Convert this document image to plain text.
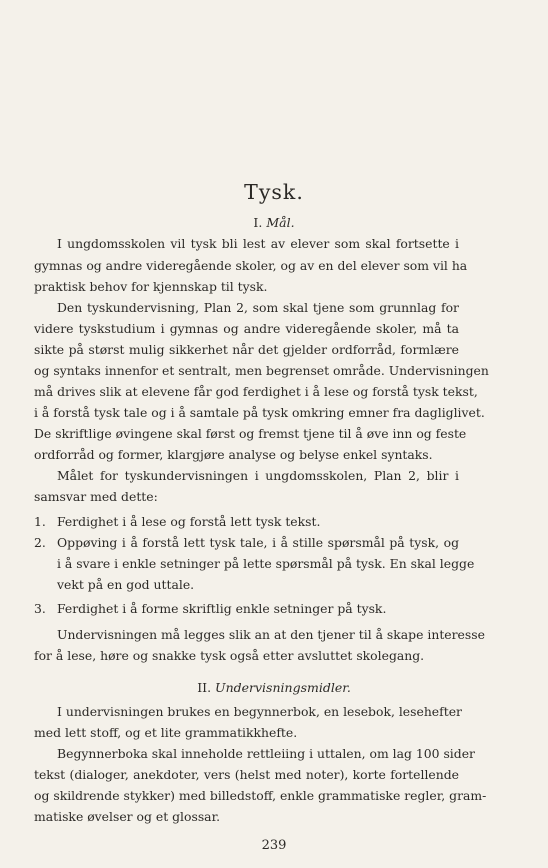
Tysk.
I. Mål.
I ungdomsskolen vil tysk bli lest av elever som skal fortsette i
gymnas og andre videregående skoler, og av en del elever som vil ha
praktisk behov for kjennskap til tysk.
Den tyskundervisning, Plan 2, som skal tjene som grunnlag for
videre tyskstudium i gymnas og andre videregående skoler, må ta
sikte på størst mulig sikkerhet når det gjelder ordforråd, formlære
og syntaks innenfor et sentralt, men begrenset område. Undervisningen
må drives slik at elevene får god ferdighet i å lese og forstå tysk tekst,
i å forstå tysk tale og i å samtale på tysk omkring emner fra dagliglivet.
De skriftlige øvingene skal først og fremst tjene til å øve inn og feste
ordforråd og former, klargjøre analyse og belyse enkel syntaks.
Målet for tyskundervisningen i ungdomsskolen, Plan 2, blir i
samsvar med dette:
1. Ferdighet i å lese og forstå lett tysk tekst.
2. Oppøving i å forstå lett tysk tale, i å stille spørsmål på tysk, og
i å svare i enkle setninger på lette spørsmål på tysk. En skal legge
vekt på en god uttale.
3. Ferdighet i å forme skriftlig enkle setninger på tysk.
Undervisningen må legges slik an at den tjener til å skape interesse
for å lese, høre og snakke tysk også etter avsluttet skolegang.
II. Undervisningsmidler.
I undervisningen brukes en begynnerbok, en lesebok, lesehefter
med lett stoff, og et lite grammatikkhefte.
Begynnerboka skal inneholde rettleiing i uttalen, om lag 100 sider
tekst (dialoger, anekdoter, vers (helst med noter), korte fortellende
og skildrende stykker) med billedstoff, enkle grammatiske regler, gram-
matiske øvelser og et glossar.
239
